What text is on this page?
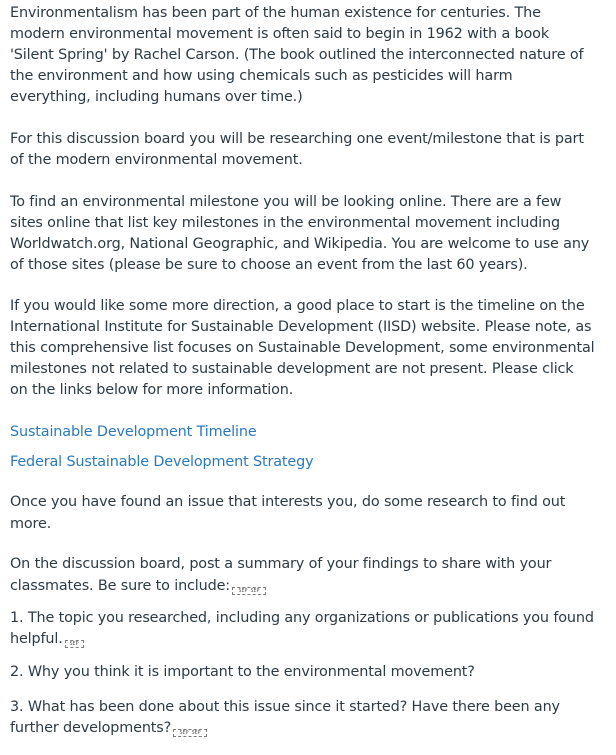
Environmentalism has been part of the human existence for centuries. The modern environmental movement is often said to begin in 1962 with a book 'Silent Spring' by Rachel Carson. (The book outlined the interconnected nature of the environment and how using chemicals such as pesticides will harm everything, including humans over time.)

For this discussion board you will be researching one event/milestone that is part of the modern environmental movement.

To find an environmental milestone you will be looking online. There are a few sites online that list key milestones in the environmental movement including Worldwatch.org, National Geographic, and Wikipedia. You are welcome to use any of those sites (please be sure to choose an event from the last 60 years).

If you would like some more direction, a good place to start is the timeline on the International Institute for Sustainable Development (IISD) website. Please note, as this comprehensive list focuses on Sustainable Development, some environmental milestones not related to sustainable development are not present. Please click on the links below for more information.

Sustainable Development Timeline
Federal Sustainable Development Strategy

Once you have found an issue that interests you, do some research to find out more.

On the discussion board, post a summary of your findings to share with your classmates. Be sure to include: SEP SEP

1. The topic you researched, including any organizations or publications you found helpful. SEP

2. Why you think it is important to the environmental movement?

3. What has been done about this issue since it started? Have there been any further developments? SEP SEP
